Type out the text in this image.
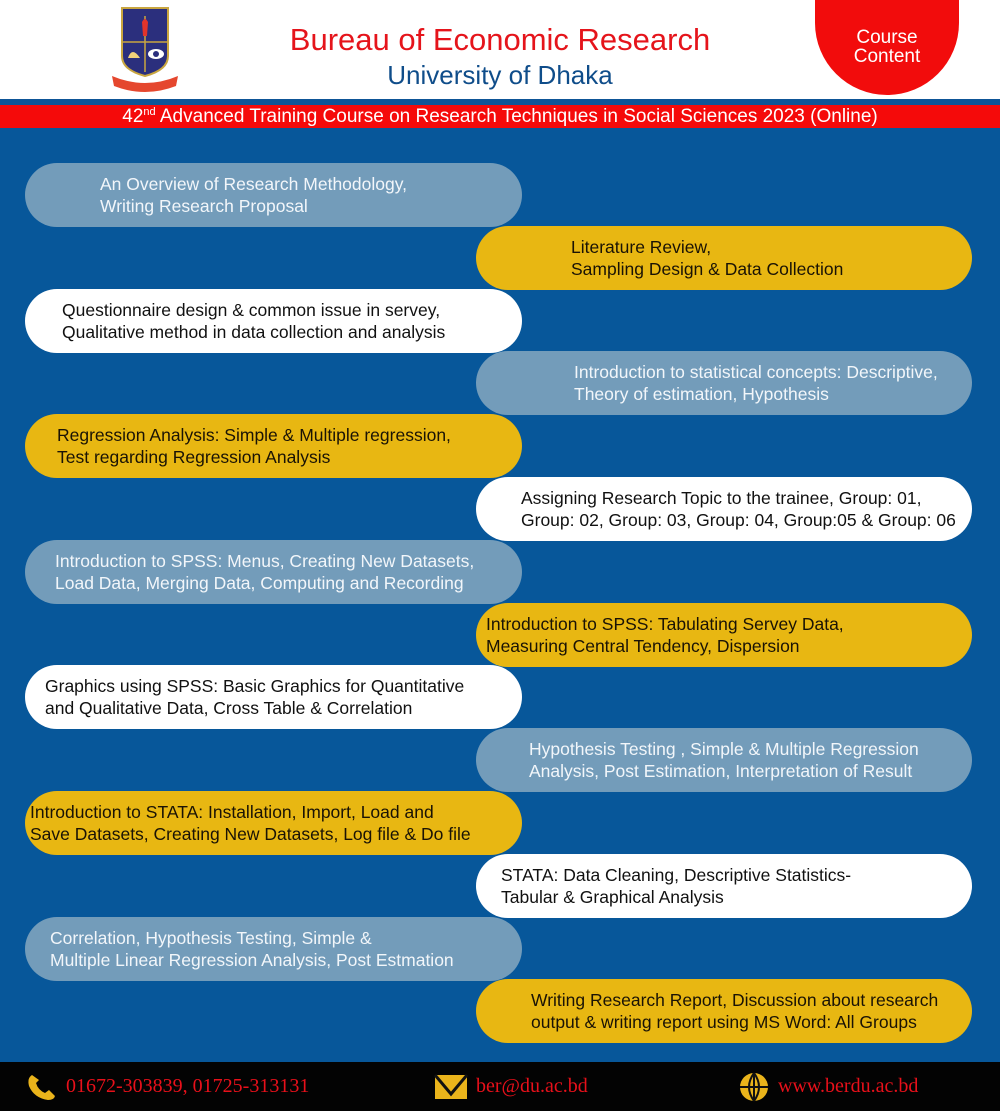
Bureau of Economic Research
University of Dhaka
Course
Content
42nd Advanced Training Course on Research Techniques in Social Sciences 2023 (Online)
An Overview of Research Methodology,
Writing Research Proposal
Literature Review,
Sampling Design & Data Collection
Questionnaire design & common issue in servey,
Qualitative method in data collection and analysis
Introduction to statistical concepts: Descriptive,
Theory of estimation, Hypothesis
Regression Analysis: Simple & Multiple regression,
Test regarding Regression Analysis
Assigning Research Topic to the trainee, Group: 01,
Group: 02, Group: 03, Group: 04, Group:05 & Group: 06
Introduction to SPSS: Menus, Creating New Datasets,
Load Data, Merging Data, Computing and Recording
Introduction to SPSS: Tabulating Servey Data,
Measuring Central Tendency, Dispersion
Graphics using SPSS: Basic Graphics for Quantitative
and Qualitative Data, Cross Table & Correlation
Hypothesis Testing , Simple & Multiple Regression
Analysis, Post Estimation, Interpretation of Result
Introduction to STATA: Installation, Import, Load and
Save Datasets, Creating New Datasets, Log file & Do file
STATA: Data Cleaning, Descriptive Statistics-
Tabular & Graphical Analysis
Correlation, Hypothesis Testing, Simple &
Multiple Linear Regression Analysis, Post Estmation
Writing Research Report, Discussion about research
output & writing report using MS Word: All Groups
01672-303839, 01725-313131	ber@du.ac.bd	www.berdu.ac.bd
